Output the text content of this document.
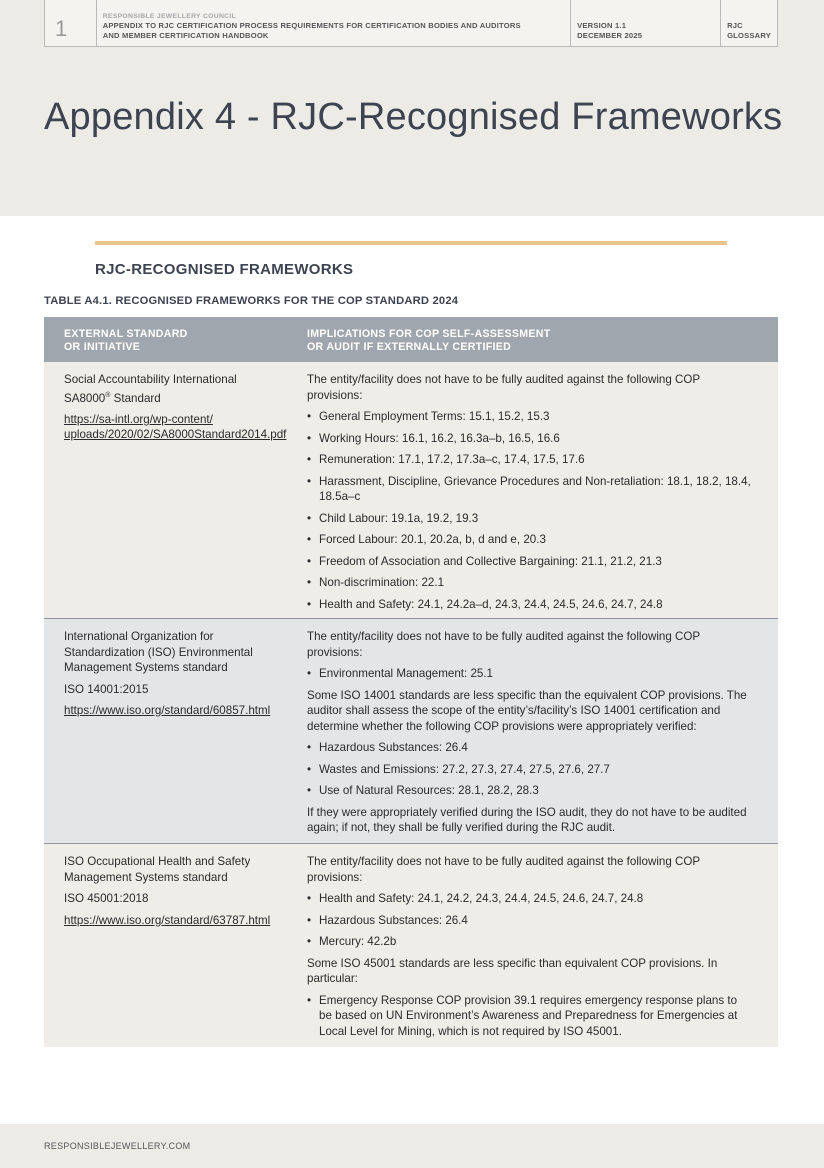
1	RESPONSIBLE JEWELLERY COUNCIL
APPENDIX TO RJC CERTIFICATION PROCESS REQUIREMENTS FOR CERTIFICATION BODIES AND AUDITORS
AND MEMBER CERTIFICATION HANDBOOK
VERSION 1.1
DECEMBER 2025
RJC
GLOSSARY
Appendix 4 - RJC-Recognised Frameworks
RJC-RECOGNISED FRAMEWORKS
TABLE A4.1. RECOGNISED FRAMEWORKS FOR THE COP STANDARD 2024
EXTERNAL STANDARD
OR INITIATIVE
IMPLICATIONS FOR COP SELF-ASSESSMENT
OR AUDIT IF EXTERNALLY CERTIFIED
Social Accountability International

SA8000® Standard

https://sa-intl.org/wp-content/
uploads/2020/02/SA8000Standard2014.pdf

The entity/facility does not have to be fully audited against the following COP provisions:

• General Employment Terms: 15.1, 15.2, 15.3
• Working Hours: 16.1, 16.2, 16.3a–b, 16.5, 16.6
• Remuneration: 17.1, 17.2, 17.3a–c, 17.4, 17.5, 17.6
• Harassment, Discipline, Grievance Procedures and Non-retaliation: 18.1, 18.2, 18.4, 18.5a–c
• Child Labour: 19.1a, 19.2, 19.3
• Forced Labour: 20.1, 20.2a, b, d and e, 20.3
• Freedom of Association and Collective Bargaining: 21.1, 21.2, 21.3
• Non-discrimination: 22.1
• Health and Safety: 24.1, 24.2a–d, 24.3, 24.4, 24.5, 24.6, 24.7, 24.8

International Organization for Standardization (ISO) Environmental Management Systems standard

ISO 14001:2015

https://www.iso.org/standard/60857.html

The entity/facility does not have to be fully audited against the following COP provisions:

• Environmental Management: 25.1

Some ISO 14001 standards are less specific than the equivalent COP provisions. The auditor shall assess the scope of the entity’s/facility’s ISO 14001 certification and determine whether the following COP provisions were appropriately verified:

• Hazardous Substances: 26.4
• Wastes and Emissions: 27.2, 27.3, 27.4, 27.5, 27.6, 27.7
• Use of Natural Resources: 28.1, 28.2, 28.3

If they were appropriately verified during the ISO audit, they do not have to be audited again; if not, they shall be fully verified during the RJC audit.

ISO Occupational Health and Safety Management Systems standard

ISO 45001:2018

https://www.iso.org/standard/63787.html

The entity/facility does not have to be fully audited against the following COP provisions:

• Health and Safety: 24.1, 24.2, 24.3, 24.4, 24.5, 24.6, 24.7, 24.8
• Hazardous Substances: 26.4
• Mercury: 42.2b

Some ISO 45001 standards are less specific than equivalent COP provisions. In particular:

• Emergency Response COP provision 39.1 requires emergency response plans to be based on UN Environment’s Awareness and Preparedness for Emergencies at Local Level for Mining, which is not required by ISO 45001.
RESPONSIBLEJEWELLERY.COM
